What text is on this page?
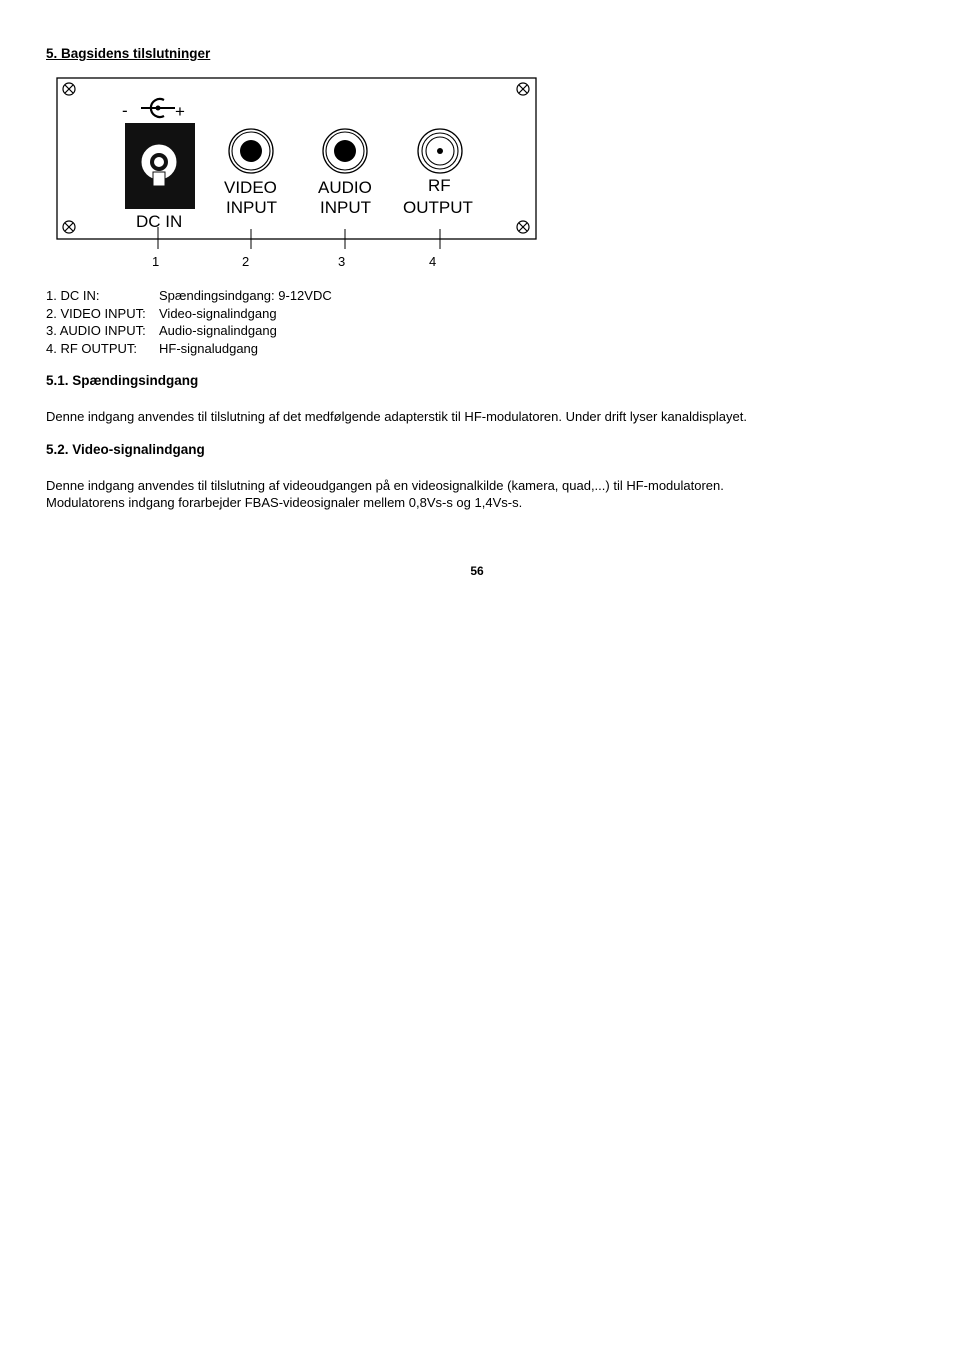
5. Bagsidens tilslutninger
-	+
DC IN
VIDEO
INPUT
AUDIO
INPUT
RF
OUTPUT
1	2	3	4
1. DC IN:	Spændingsindgang: 9-12VDC
2. VIDEO INPUT:	Video-signalindgang
3. AUDIO INPUT:	Audio-signalindgang
4. RF OUTPUT:	HF-signaludgang
5.1. Spændingsindgang
Denne indgang anvendes til tilslutning af det medfølgende adapterstik til HF-modulatoren. Under drift lyser kanaldisplayet.
5.2. Video-signalindgang
Denne indgang anvendes til tilslutning af videoudgangen på en videosignalkilde (kamera, quad,...) til HF-modulatoren.
Modulatorens indgang forarbejder FBAS-videosignaler mellem 0,8Vs-s og 1,4Vs-s.
56
